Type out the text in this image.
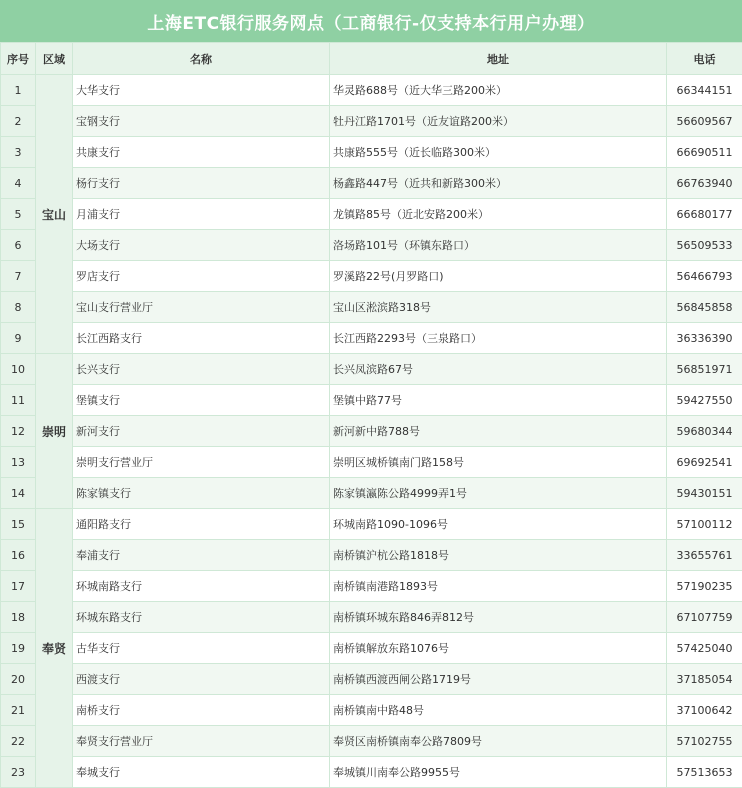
上海ETC银行服务网点（工商银行-仅支持本行用户办理）
序号	区域	名称	地址	电话
1	宝山	大华支行	华灵路688号（近大华三路200米）	66344151
2		宝钢支行	牡丹江路1701号（近友谊路200米）	56609567
3		共康支行	共康路555号（近长临路300米）	66690511
4		杨行支行	杨鑫路447号（近共和新路300米）	66763940
5		月浦支行	龙镇路85号（近北安路200米）	66680177
6		大场支行	洛场路101号（环镇东路口）	56509533
7		罗店支行	罗溪路22号(月罗路口)	56466793
8		宝山支行营业厅	宝山区淞滨路318号	56845858
9		长江西路支行	长江西路2293号（三泉路口）	36336390
10	崇明	长兴支行	长兴凤滨路67号	56851971
11		堡镇支行	堡镇中路77号	59427550
12		新河支行	新河新中路788号	59680344
13		崇明支行营业厅	崇明区城桥镇南门路158号	69692541
14		陈家镇支行	陈家镇瀛陈公路4999弄1号	59430151
15	奉贤	通阳路支行	环城南路1090-1096号	57100112
16		奉浦支行	南桥镇沪杭公路1818号	33655761
17		环城南路支行	南桥镇南港路1893号	57190235
18		环城东路支行	南桥镇环城东路846弄812号	67107759
19		古华支行	南桥镇解放东路1076号	57425040
20		西渡支行	南桥镇西渡西闸公路1719号	37185054
21		南桥支行	南桥镇南中路48号	37100642
22		奉贤支行营业厅	奉贤区南桥镇南奉公路7809号	57102755
23		奉城支行	奉城镇川南奉公路9955号	57513653
